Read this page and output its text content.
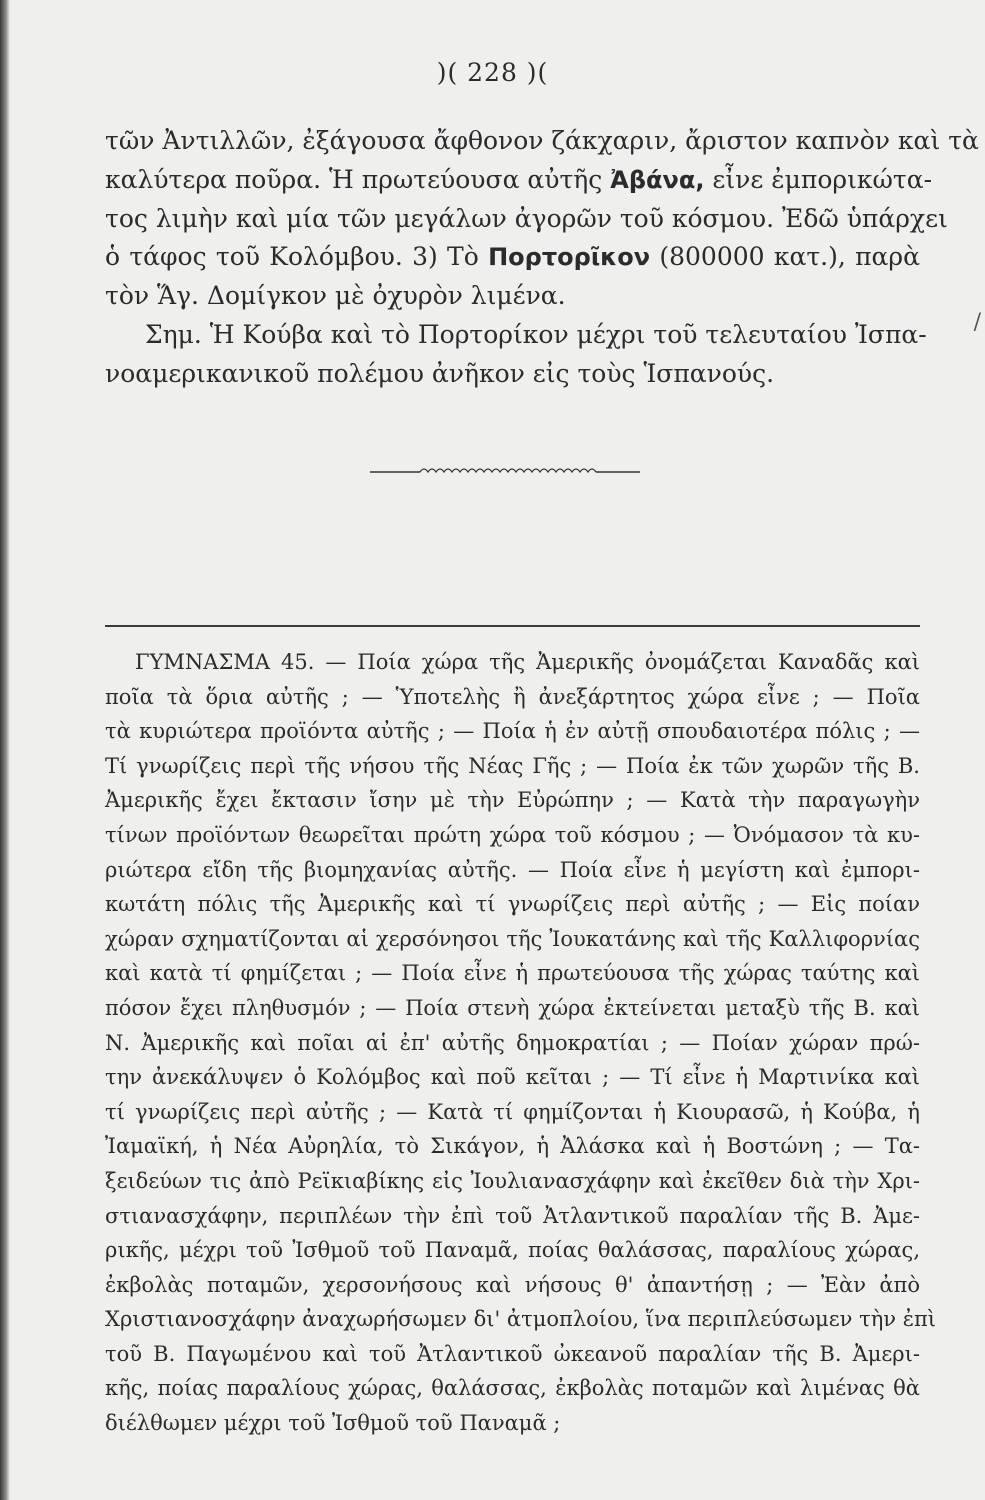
)( 228 )(
τῶν Ἀντιλλῶν, ἐξάγουσα ἄφθονον ζάκχαριν, ἄριστον καπνὸν καὶ τὰ
καλύτερα ποῦρα. Ἡ πρωτεύουσα αὐτῆς Ἀβάνα, εἶνε ἐμπορικώτα-
τος λιμὴν καὶ μία τῶν μεγάλων ἀγορῶν τοῦ κόσμου. Ἐδῶ ὑπάρχει
ὁ τάφος τοῦ Κολόμβου. 3) Τὸ Πορτορῖκον (800000 κατ.), παρὰ
τὸν Ἅγ. Δομίγκον μὲ ὀχυρὸν λιμένα.
Σημ. Ἡ Κούβα καὶ τὸ Πορτορίκον μέχρι τοῦ τελευταίου Ἰσπα-
νοαμερικανικοῦ πολέμου ἀνῆκον εἰς τοὺς Ἱσπανούς.
ΓΥΜΝΑΣΜΑ 45. — Ποία χώρα τῆς Ἀμερικῆς ὀνομάζεται Καναδᾶς καὶ
ποῖα τὰ ὅρια αὐτῆς ; — Ὑποτελὴς ἢ ἀνεξάρτητος χώρα εἶνε ; — Ποῖα
τὰ κυριώτερα προϊόντα αὐτῆς ; — Ποία ἡ ἐν αὐτῇ σπουδαιοτέρα πόλις ; —
Τί γνωρίζεις περὶ τῆς νήσου τῆς Νέας Γῆς ; — Ποία ἐκ τῶν χωρῶν τῆς Β.
Ἀμερικῆς ἔχει ἔκτασιν ἴσην μὲ τὴν Εὐρώπην ; — Κατὰ τὴν παραγωγὴν
τίνων προϊόντων θεωρεῖται πρώτη χώρα τοῦ κόσμου ; — Ὀνόμασον τὰ κυ-
ριώτερα εἴδη τῆς βιομηχανίας αὐτῆς. — Ποία εἶνε ἡ μεγίστη καὶ ἐμπορι-
κωτάτη πόλις τῆς Ἀμερικῆς καὶ τί γνωρίζεις περὶ αὐτῆς ; — Εἰς ποίαν
χώραν σχηματίζονται αἱ χερσόνησοι τῆς Ἰουκατάνης καὶ τῆς Καλλιφορνίας
καὶ κατὰ τί φημίζεται ; — Ποία εἶνε ἡ πρωτεύουσα τῆς χώρας ταύτης καὶ
πόσον ἔχει πληθυσμόν ; — Ποία στενὴ χώρα ἐκτείνεται μεταξὺ τῆς Β. καὶ
Ν. Ἀμερικῆς καὶ ποῖαι αἱ ἐπ' αὐτῆς δημοκρατίαι ; — Ποίαν χώραν πρώ-
την ἀνεκάλυψεν ὁ Κολόμβος καὶ ποῦ κεῖται ; — Τί εἶνε ἡ Μαρτινίκα καὶ
τί γνωρίζεις περὶ αὐτῆς ; — Κατὰ τί φημίζονται ἡ Κιουρασῶ, ἡ Κούβα, ἡ
Ἰαμαϊκή, ἡ Νέα Αὐρηλία, τὸ Σικάγον, ἡ Ἀλάσκα καὶ ἡ Βοστώνη ; — Τα-
ξειδεύων τις ἀπὸ Ρεϊκιαβίκης εἰς Ἰουλιανασχάφην καὶ ἐκεῖθεν διὰ τὴν Χρι-
στιανασχάφην, περιπλέων τὴν ἐπὶ τοῦ Ἀτλαντικοῦ παραλίαν τῆς Β. Ἀμε-
ρικῆς, μέχρι τοῦ Ἰσθμοῦ τοῦ Παναμᾶ, ποίας θαλάσσας, παραλίους χώρας,
ἐκβολὰς ποταμῶν, χερσονήσους καὶ νήσους θ' ἀπαντήσῃ ; — Ἐὰν ἀπὸ
Χριστιανοσχάφην ἀναχωρήσωμεν δι' ἀτμοπλοίου, ἵνα περιπλεύσωμεν τὴν ἐπὶ
τοῦ Β. Παγωμένου καὶ τοῦ Ἀτλαντικοῦ ὠκεανοῦ παραλίαν τῆς Β. Ἀμερι-
κῆς, ποίας παραλίους χώρας, θαλάσσας, ἐκβολὰς ποταμῶν καὶ λιμένας θὰ
διέλθωμεν μέχρι τοῦ Ἰσθμοῦ τοῦ Παναμᾶ ;
/
